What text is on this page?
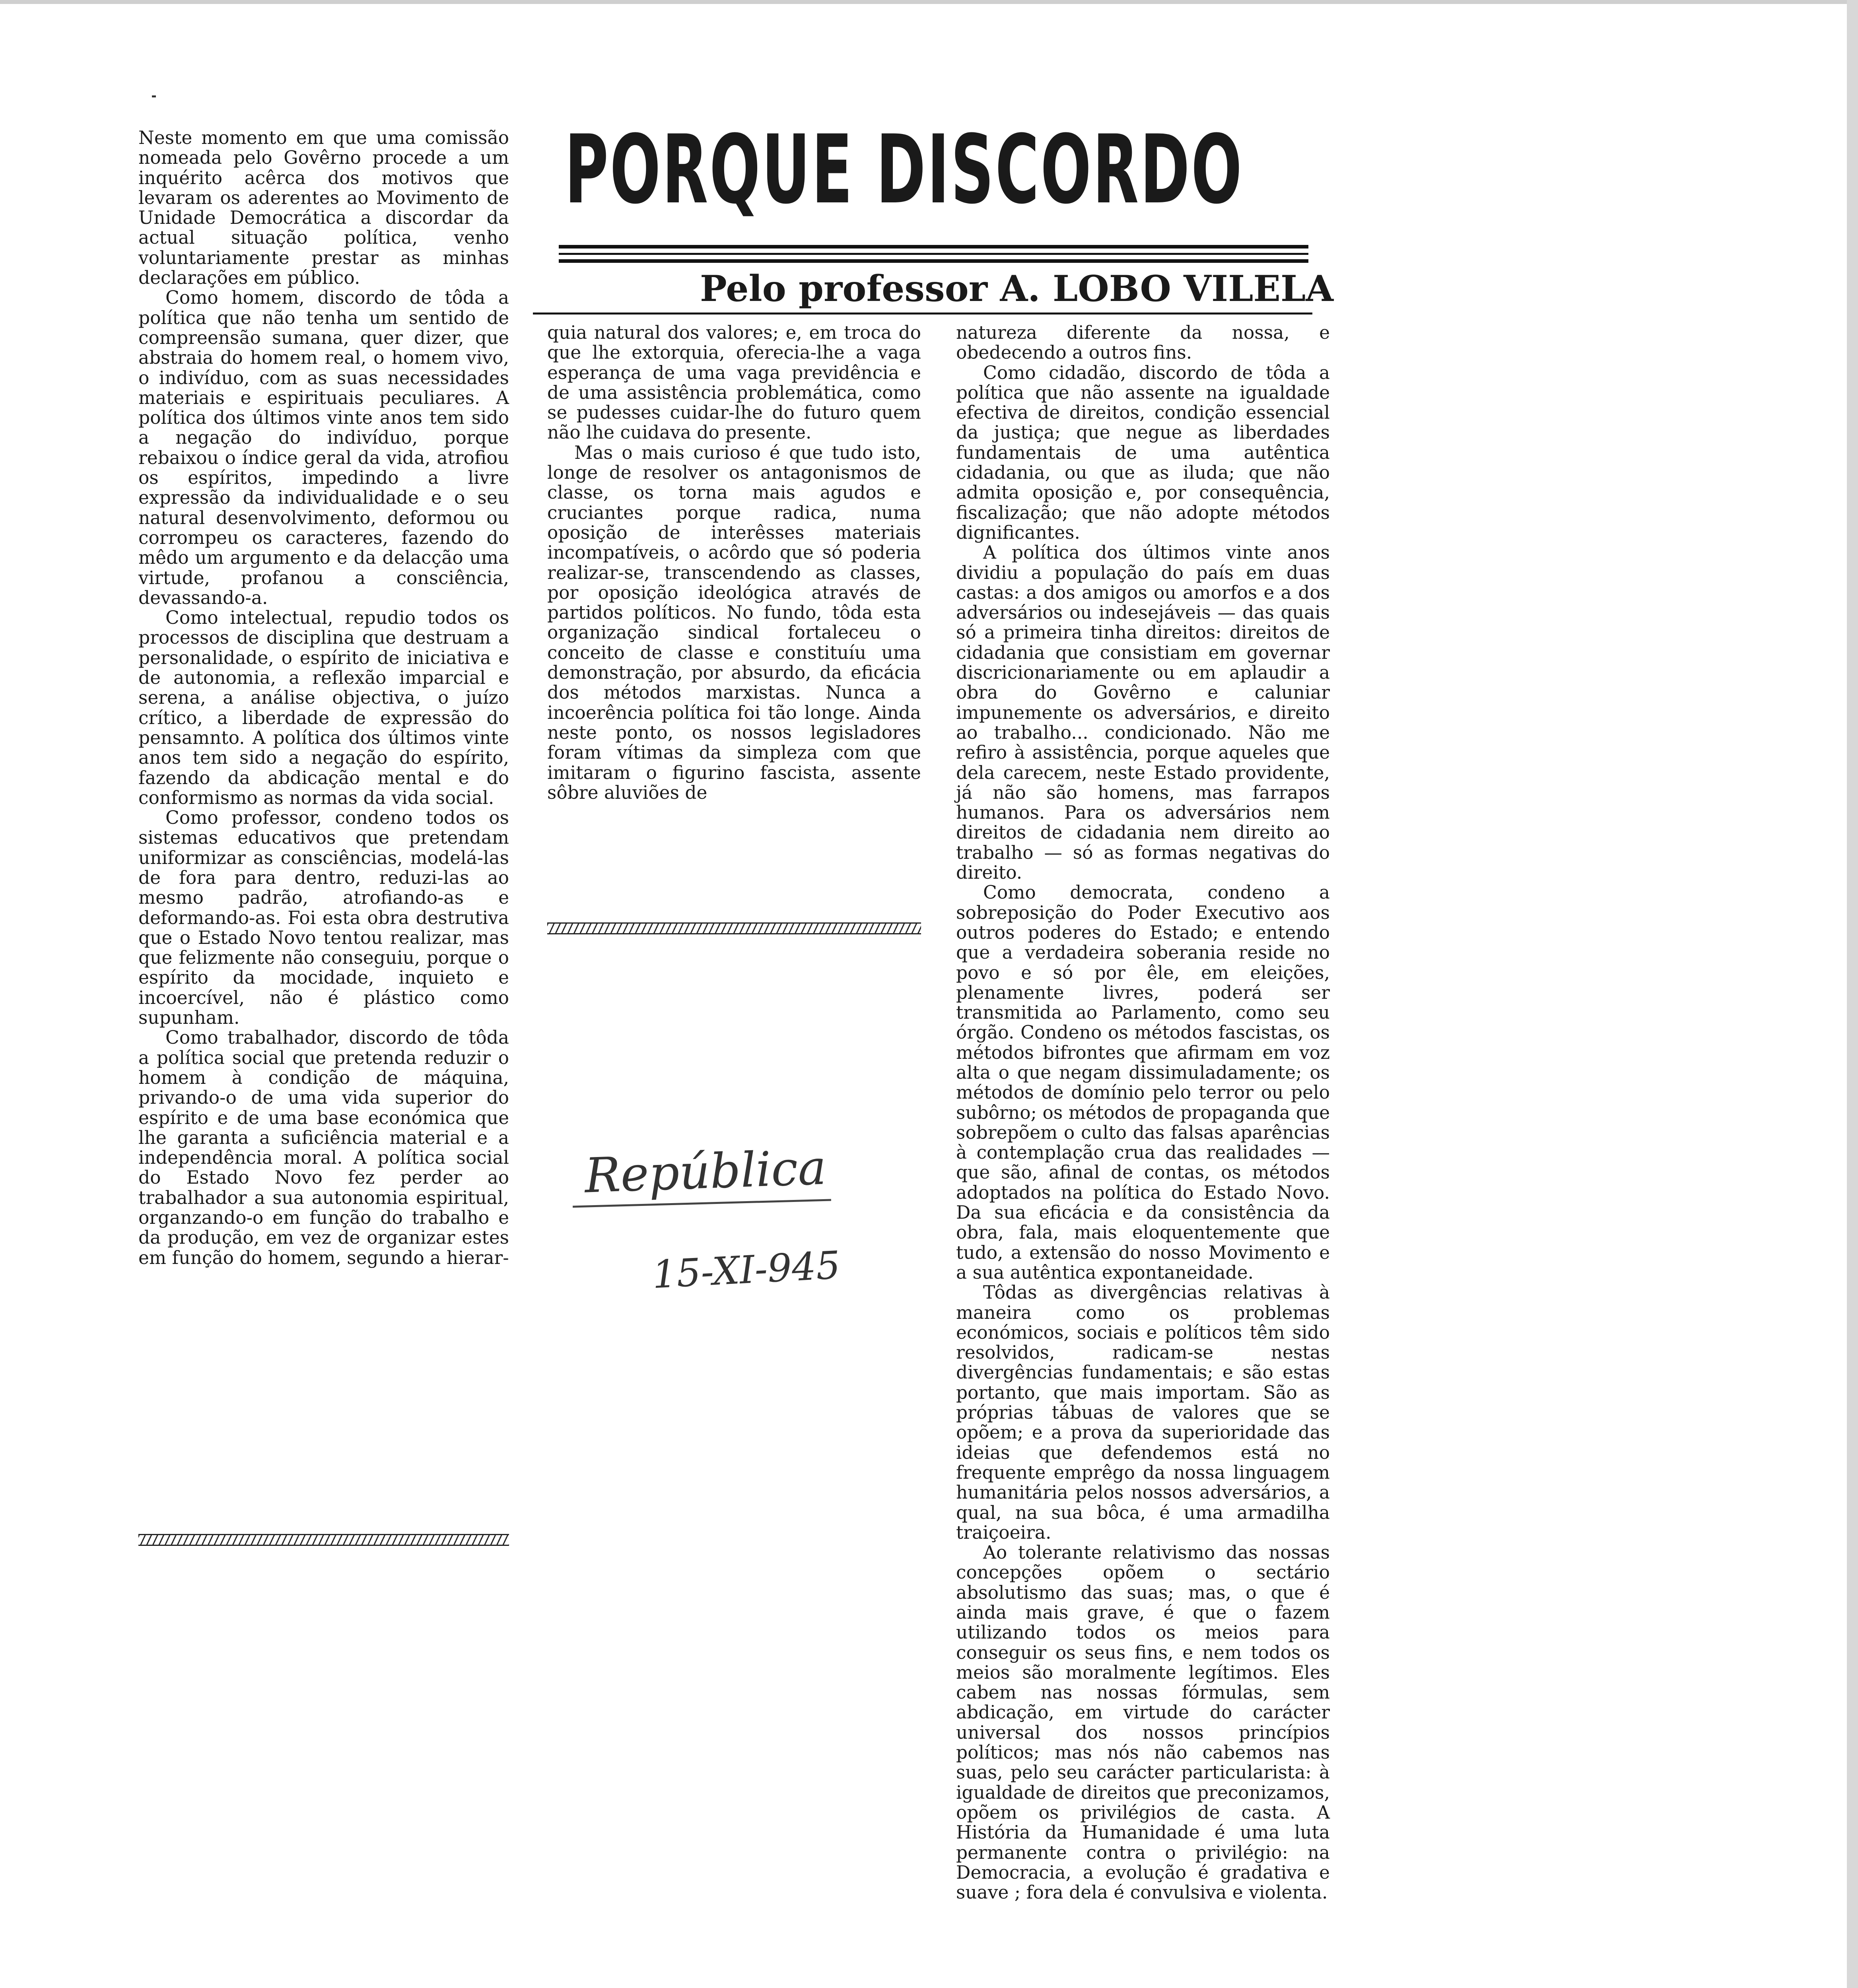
PORQUE DISCORDO
Pelo professor A. LOBO VILELA

Neste momento em que uma comissão nomeada pelo Govêrno procede a um inquérito acêrca dos motivos que levaram os aderentes ao Movimento de Unidade Democrática a discordar da actual situação política, venho voluntariamente prestar as minhas declarações em público.

Como homem, discordo de tôda a política que não tenha um sentido de compreensão sumana, quer dizer, que abstraia do homem real, o homem vivo, o indivíduo, com as suas necessidades materiais e espirituais peculiares. A política dos últimos vinte anos tem sido a negação do indivíduo, porque rebaixou o índice geral da vida, atrofiou os espíritos, impedindo a livre expressão da individualidade e o seu natural desenvolvimento, deformou ou corrompeu os caracteres, fazendo do mêdo um argumento e da delacção uma virtude, profanou a consciência, devassando-a.

Como intelectual, repudio todos os processos de disciplina que destruam a personalidade, o espírito de iniciativa e de autonomia, a reflexão imparcial e serena, a análise objectiva, o juízo crítico, a liberdade de expressão do pensamnto. A política dos últimos vinte anos tem sido a negação do espírito, fazendo da abdicação mental e do conformismo as normas da vida social.

Como professor, condeno todos os sistemas educativos que pretendam uniformizar as consciências, modelá-las de fora para dentro, reduzi-las ao mesmo padrão, atrofiando-as e deformando-as. Foi esta obra destrutiva que o Estado Novo tentou realizar, mas que felizmente não conseguiu, porque o espírito da mocidade, inquieto e incoercível, não é plástico como supunham.

Como trabalhador, discordo de tôda a política social que pretenda reduzir o homem à condição de máquina, privando-o de uma vida superior do espírito e de uma base económica que lhe garanta a suficiência material e a independência moral. A política social do Estado Novo fez perder ao trabalhador a sua autonomia espiritual, organzando-o em função do trabalho e da produção, em vez de organizar estes em função do homem, segundo a hierar-

quia natural dos valores; e, em troca do que lhe extorquia, oferecia-lhe a vaga esperança de uma vaga previdência e de uma assistência problemática, como se pudesses cuidar-lhe do futuro quem não lhe cuidava do presente.

Mas o mais curioso é que tudo isto, longe de resolver os antagonismos de classe, os torna mais agudos e cruciantes porque radica, numa oposição de interêsses materiais incompatíveis, o acôrdo que só poderia realizar-se, transcendendo as classes, por oposição ideológica através de partidos políticos. No fundo, tôda esta organização sindical fortaleceu o conceito de classe e constituíu uma demonstração, por absurdo, da eficácia dos métodos marxistas. Nunca a incoerência política foi tão longe. Ainda neste ponto, os nossos legisladores foram vítimas da simpleza com que imitaram o figurino fascista, assente sôbre aluviões de

natureza diferente da nossa, e obedecendo a outros fins.

Como cidadão, discordo de tôda a política que não assente na igualdade efectiva de direitos, condição essencial da justiça; que negue as liberdades fundamentais de uma autêntica cidadania, ou que as iluda; que não admita oposição e, por consequência, fiscalização; que não adopte métodos dignificantes.

A política dos últimos vinte anos dividiu a população do país em duas castas: a dos amigos ou amorfos e a dos adversários ou indesejáveis — das quais só a primeira tinha direitos: direitos de cidadania que consistiam em governar discricionariamente ou em aplaudir a obra do Govêrno e caluniar impunemente os adversários, e direito ao trabalho... condicionado. Não me refiro à assistência, porque aqueles que dela carecem, neste Estado providente, já não são homens, mas farrapos humanos. Para os adversários nem direitos de cidadania nem direito ao trabalho — só as formas negativas do direito.

Como democrata, condeno a sobreposição do Poder Executivo aos outros poderes do Estado; e entendo que a verdadeira soberania reside no povo e só por êle, em eleições, plenamente livres, poderá ser transmitida ao Parlamento, como seu órgão. Condeno os métodos fascistas, os métodos bifrontes que afirmam em voz alta o que negam dissimuladamente; os métodos de domínio pelo terror ou pelo subôrno; os métodos de propaganda que sobrepõem o culto das falsas aparências à contemplação crua das realidades — que são, afinal de contas, os métodos adoptados na política do Estado Novo. Da sua eficácia e da consistência da obra, fala, mais eloquentemente que tudo, a extensão do nosso Movimento e a sua autêntica expontaneidade.

Tôdas as divergências relativas à maneira como os problemas económicos, sociais e políticos têm sido resolvidos, radicam-se nestas divergências fundamentais; e são estas portanto, que mais importam. São as próprias tábuas de valores que se opõem; e a prova da superioridade das ideias que defendemos está no frequente emprêgo da nossa linguagem humanitária pelos nossos adversários, a qual, na sua bôca, é uma armadilha traiçoeira.

Ao tolerante relativismo das nossas concepções opõem o sectário absolutismo das suas; mas, o que é ainda mais grave, é que o fazem utilizando todos os meios para conseguir os seus fins, e nem todos os meios são moralmente legítimos. Eles cabem nas nossas fórmulas, sem abdicação, em virtude do carácter universal dos nossos princípios políticos; mas nós não cabemos nas suas, pelo seu carácter particularista: à igualdade de direitos que preconizamos, opõem os privilégios de casta. A História da Humanidade é uma luta permanente contra o privilégio: na Democracia, a evolução é gradativa e suave ; fora dela é convulsiva e violenta.

República
15-XI-945
